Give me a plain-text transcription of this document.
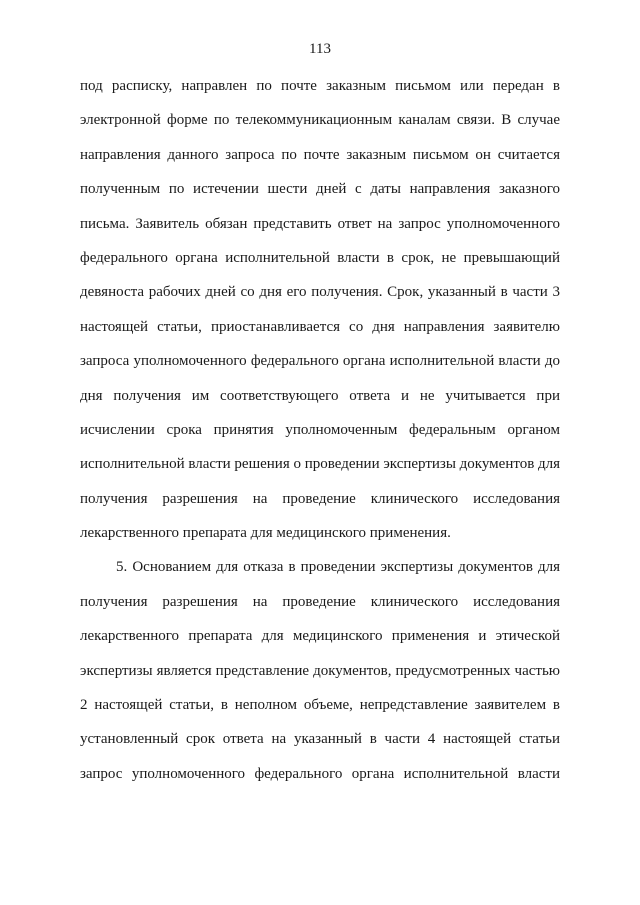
113
под расписку, направлен по почте заказным письмом или передан в
электронной форме по телекоммуникационным каналам связи. В случае
направления данного запроса по почте заказным письмом он считается
полученным по истечении шести дней с даты направления заказного
письма. Заявитель обязан представить ответ на запрос уполномоченного
федерального органа исполнительной власти в срок, не превышающий
девяноста рабочих дней со дня его получения. Срок, указанный в части 3
настоящей статьи, приостанавливается со дня направления заявителю
запроса уполномоченного федерального органа исполнительной власти до
дня получения им соответствующего ответа и не учитывается при
исчислении срока принятия уполномоченным федеральным органом
исполнительной власти решения о проведении экспертизы документов для
получения разрешения на проведение клинического исследования
лекарственного препарата для медицинского применения.
5. Основанием для отказа в проведении экспертизы документов для
получения разрешения на проведение клинического исследования
лекарственного препарата для медицинского применения и этической
экспертизы является представление документов, предусмотренных частью
2 настоящей статьи, в неполном объеме, непредставление заявителем в
установленный срок ответа на указанный в части 4 настоящей статьи
запрос уполномоченного федерального органа исполнительной власти
